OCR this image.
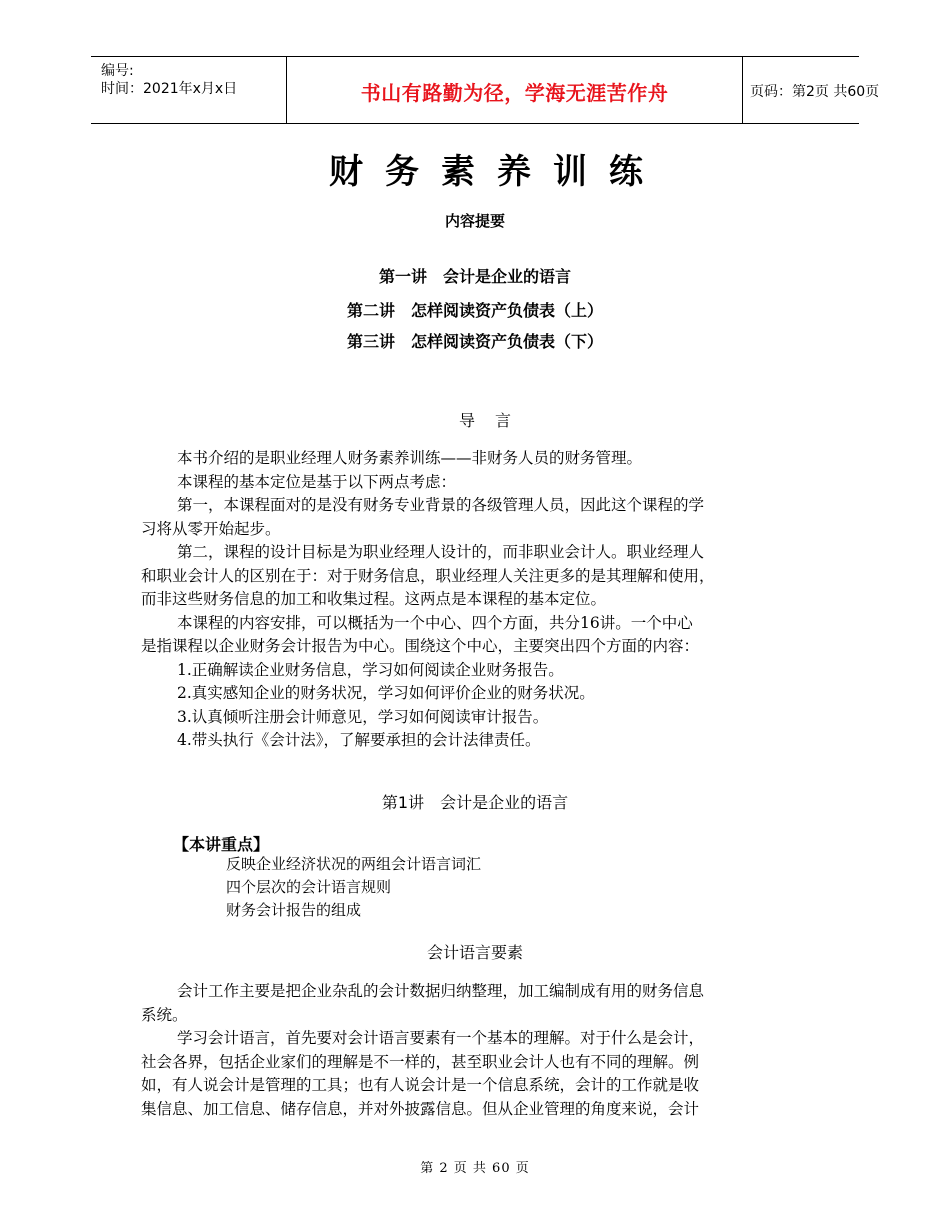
编号:
时间：2021年x月x日	书山有路勤为径，学海无涯苦作舟	页码：第2页 共60页
财务素养训练
内容提要
第一讲　会计是企业的语言
第二讲　怎样阅读资产负债表（上）
第三讲　怎样阅读资产负债表（下）
导言
本书介绍的是职业经理人财务素养训练——非财务人员的财务管理。
本课程的基本定位是基于以下两点考虑：
第一，本课程面对的是没有财务专业背景的各级管理人员，因此这个课程的学
习将从零开始起步。
第二，课程的设计目标是为职业经理人设计的，而非职业会计人。职业经理人
和职业会计人的区别在于：对于财务信息，职业经理人关注更多的是其理解和使用，
而非这些财务信息的加工和收集过程。这两点是本课程的基本定位。
本课程的内容安排，可以概括为一个中心、四个方面，共分16讲。一个中心
是指课程以企业财务会计报告为中心。围绕这个中心，主要突出四个方面的内容：
1.正确解读企业财务信息，学习如何阅读企业财务报告。
2.真实感知企业的财务状况，学习如何评价企业的财务状况。
3.认真倾听注册会计师意见，学习如何阅读审计报告。
4.带头执行《会计法》，了解要承担的会计法律责任。
第1讲　会计是企业的语言
【本讲重点】
反映企业经济状况的两组会计语言词汇
四个层次的会计语言规则
财务会计报告的组成
会计语言要素
会计工作主要是把企业杂乱的会计数据归纳整理，加工编制成有用的财务信息
系统。
学习会计语言，首先要对会计语言要素有一个基本的理解。对于什么是会计，
社会各界，包括企业家们的理解是不一样的，甚至职业会计人也有不同的理解。例
如，有人说会计是管理的工具；也有人说会计是一个信息系统，会计的工作就是收
集信息、加工信息、储存信息，并对外披露信息。但从企业管理的角度来说，会计
第 2 页 共 60 页
